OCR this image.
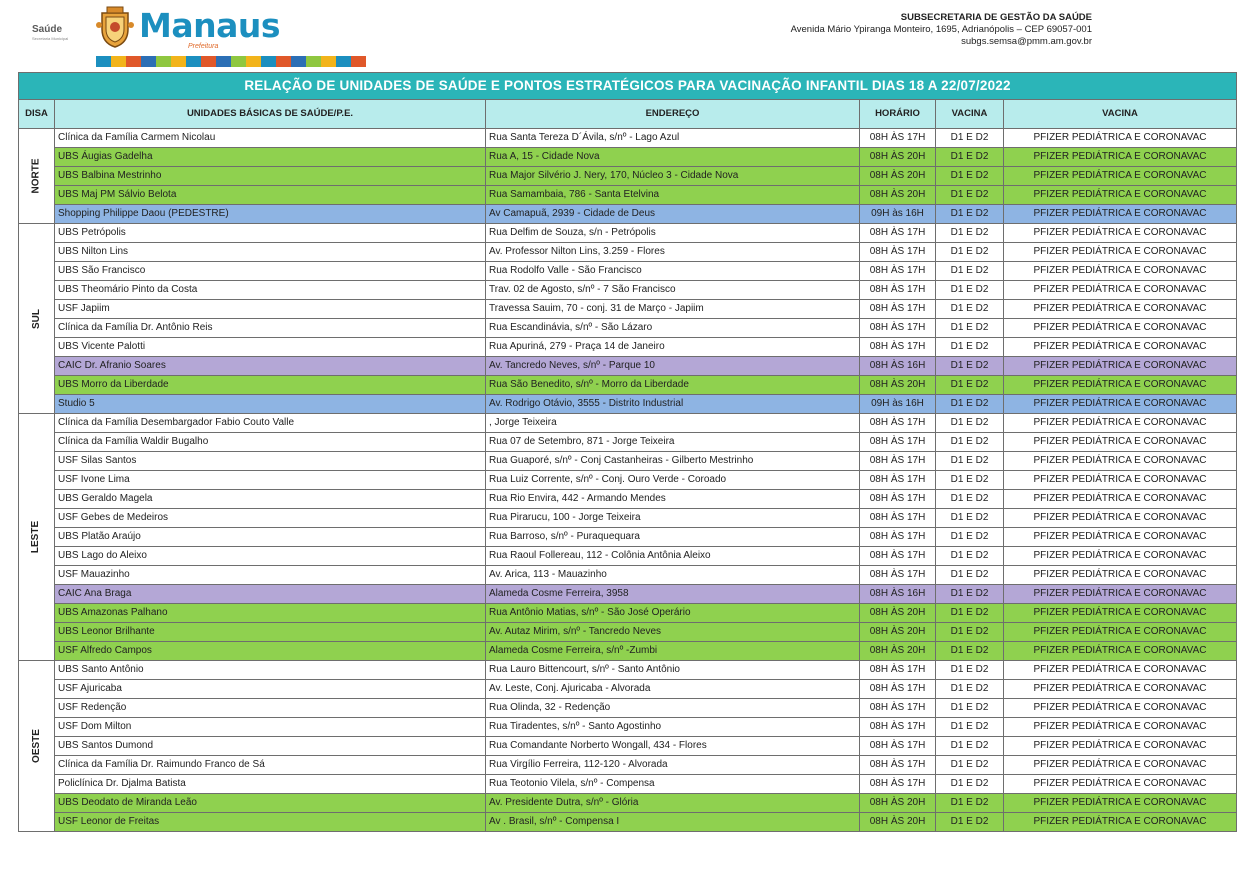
Saúde
Secretaria Municipal Manaus
Prefeitura
SUBSECRETARIA DE GESTÃO DA SAÚDE
Avenida Mário Ypiranga Monteiro, 1695, Adrianópolis – CEP 69057-001
subgs.semsa@pmm.am.gov.br
RELAÇÃO DE UNIDADES DE SAÚDE E PONTOS ESTRATÉGICOS PARA VACINAÇÃO INFANTIL DIAS 18 A 22/07/2022					
DISA	UNIDADES BÁSICAS DE SAÚDE/P.E.	ENDEREÇO	HORÁRIO	VACINA	VACINA
NORTE	Clínica da Família Carmem Nicolau	Rua Santa Tereza D´Ávila, s/nº - Lago Azul	08H ÀS 17H	D1 E D2	PFIZER PEDIÁTRICA E CORONAVAC
	UBS Áugias Gadelha	Rua A, 15 - Cidade Nova	08H ÀS 20H	D1 E D2	PFIZER PEDIÁTRICA E CORONAVAC
	UBS Balbina Mestrinho	Rua Major Silvério J. Nery, 170, Núcleo 3 - Cidade Nova	08H ÀS 20H	D1 E D2	PFIZER PEDIÁTRICA E CORONAVAC
	UBS Maj PM Sálvio Belota	Rua Samambaia, 786 - Santa Etelvina	08H ÀS 20H	D1 E D2	PFIZER PEDIÁTRICA E CORONAVAC
	Shopping Philippe Daou (PEDESTRE)	Av Camapuã, 2939 - Cidade de Deus	09H às 16H	D1 E D2	PFIZER PEDIÁTRICA E CORONAVAC
SUL	UBS Petrópolis	Rua Delfim de Souza, s/n - Petrópolis	08H ÀS 17H	D1 E D2	PFIZER PEDIÁTRICA E CORONAVAC
	UBS Nilton Lins	Av. Professor Nilton Lins, 3.259 - Flores	08H ÀS 17H	D1 E D2	PFIZER PEDIÁTRICA E CORONAVAC
	UBS São Francisco	Rua Rodolfo Valle - São Francisco	08H ÀS 17H	D1 E D2	PFIZER PEDIÁTRICA E CORONAVAC
	UBS Theomário Pinto da Costa	Trav. 02 de Agosto, s/nº - 7 São Francisco	08H ÀS 17H	D1 E D2	PFIZER PEDIÁTRICA E CORONAVAC
	USF Japiim	Travessa Sauim, 70 - conj. 31 de Março - Japiim	08H ÀS 17H	D1 E D2	PFIZER PEDIÁTRICA E CORONAVAC
	Clínica da Família Dr. Antônio Reis	Rua Escandinávia, s/nº - São Lázaro	08H ÀS 17H	D1 E D2	PFIZER PEDIÁTRICA E CORONAVAC
	UBS Vicente Palotti	Rua Apuriná, 279 - Praça 14 de Janeiro	08H ÀS 17H	D1 E D2	PFIZER PEDIÁTRICA E CORONAVAC
	CAIC Dr. Afranio Soares	Av. Tancredo Neves, s/nº - Parque 10	08H ÀS 16H	D1 E D2	PFIZER PEDIÁTRICA E CORONAVAC
	UBS Morro da Liberdade	Rua São Benedito, s/nº - Morro da Liberdade	08H ÀS 20H	D1 E D2	PFIZER PEDIÁTRICA E CORONAVAC
	Studio 5	Av. Rodrigo Otávio, 3555 - Distrito Industrial	09H às 16H	D1 E D2	PFIZER PEDIÁTRICA E CORONAVAC
LESTE	Clínica da Família Desembargador Fabio Couto Valle	, Jorge Teixeira	08H ÀS 17H	D1 E D2	PFIZER PEDIÁTRICA E CORONAVAC
	Clínica da Família Waldir Bugalho	Rua 07 de Setembro, 871 - Jorge Teixeira	08H ÀS 17H	D1 E D2	PFIZER PEDIÁTRICA E CORONAVAC
	USF Silas Santos	Rua Guaporé, s/nº - Conj Castanheiras - Gilberto Mestrinho	08H ÀS 17H	D1 E D2	PFIZER PEDIÁTRICA E CORONAVAC
	USF Ivone Lima	Rua Luiz Corrente, s/nº - Conj. Ouro Verde - Coroado	08H ÀS 17H	D1 E D2	PFIZER PEDIÁTRICA E CORONAVAC
	UBS Geraldo Magela	Rua Rio Envira, 442 - Armando Mendes	08H ÀS 17H	D1 E D2	PFIZER PEDIÁTRICA E CORONAVAC
	USF Gebes de Medeiros	Rua Pirarucu, 100 - Jorge Teixeira	08H ÀS 17H	D1 E D2	PFIZER PEDIÁTRICA E CORONAVAC
	UBS Platão Araújo	Rua Barroso, s/nº - Puraquequara	08H ÀS 17H	D1 E D2	PFIZER PEDIÁTRICA E CORONAVAC
	UBS Lago do Aleixo	Rua Raoul Follereau, 112 - Colônia Antônia Aleixo	08H ÀS 17H	D1 E D2	PFIZER PEDIÁTRICA E CORONAVAC
	USF Mauazinho	Av. Arica, 113 - Mauazinho	08H ÀS 17H	D1 E D2	PFIZER PEDIÁTRICA E CORONAVAC
	CAIC Ana Braga	Alameda Cosme Ferreira, 3958	08H ÀS 16H	D1 E D2	PFIZER PEDIÁTRICA E CORONAVAC
	UBS Amazonas Palhano	Rua Antônio Matias, s/nº - São José Operário	08H ÀS 20H	D1 E D2	PFIZER PEDIÁTRICA E CORONAVAC
	UBS Leonor Brilhante	Av. Autaz Mirim, s/nº - Tancredo Neves	08H ÀS 20H	D1 E D2	PFIZER PEDIÁTRICA E CORONAVAC
	USF Alfredo Campos	Alameda Cosme Ferreira, s/nº -Zumbi	08H ÀS 20H	D1 E D2	PFIZER PEDIÁTRICA E CORONAVAC
OESTE	UBS Santo Antônio	Rua Lauro Bittencourt, s/nº - Santo Antônio	08H ÀS 17H	D1 E D2	PFIZER PEDIÁTRICA E CORONAVAC
	USF Ajuricaba	Av. Leste, Conj. Ajuricaba - Alvorada	08H ÀS 17H	D1 E D2	PFIZER PEDIÁTRICA E CORONAVAC
	USF Redenção	Rua Olinda, 32 - Redenção	08H ÀS 17H	D1 E D2	PFIZER PEDIÁTRICA E CORONAVAC
	USF Dom Milton	Rua Tiradentes, s/nº - Santo Agostinho	08H ÀS 17H	D1 E D2	PFIZER PEDIÁTRICA E CORONAVAC
	UBS Santos Dumond	Rua Comandante Norberto Wongall, 434 - Flores	08H ÀS 17H	D1 E D2	PFIZER PEDIÁTRICA E CORONAVAC
	Clínica da Família Dr. Raimundo Franco de Sá	Rua Virgílio Ferreira, 112-120 - Alvorada	08H ÀS 17H	D1 E D2	PFIZER PEDIÁTRICA E CORONAVAC
	Policlínica Dr. Djalma Batista	Rua Teotonio Vilela, s/nº - Compensa	08H ÀS 17H	D1 E D2	PFIZER PEDIÁTRICA E CORONAVAC
	UBS Deodato de Miranda Leão	Av. Presidente Dutra, s/nº - Glória	08H ÀS 20H	D1 E D2	PFIZER PEDIÁTRICA E CORONAVAC
	USF Leonor de Freitas	Av . Brasil, s/nº - Compensa I	08H ÀS 20H	D1 E D2	PFIZER PEDIÁTRICA E CORONAVAC
